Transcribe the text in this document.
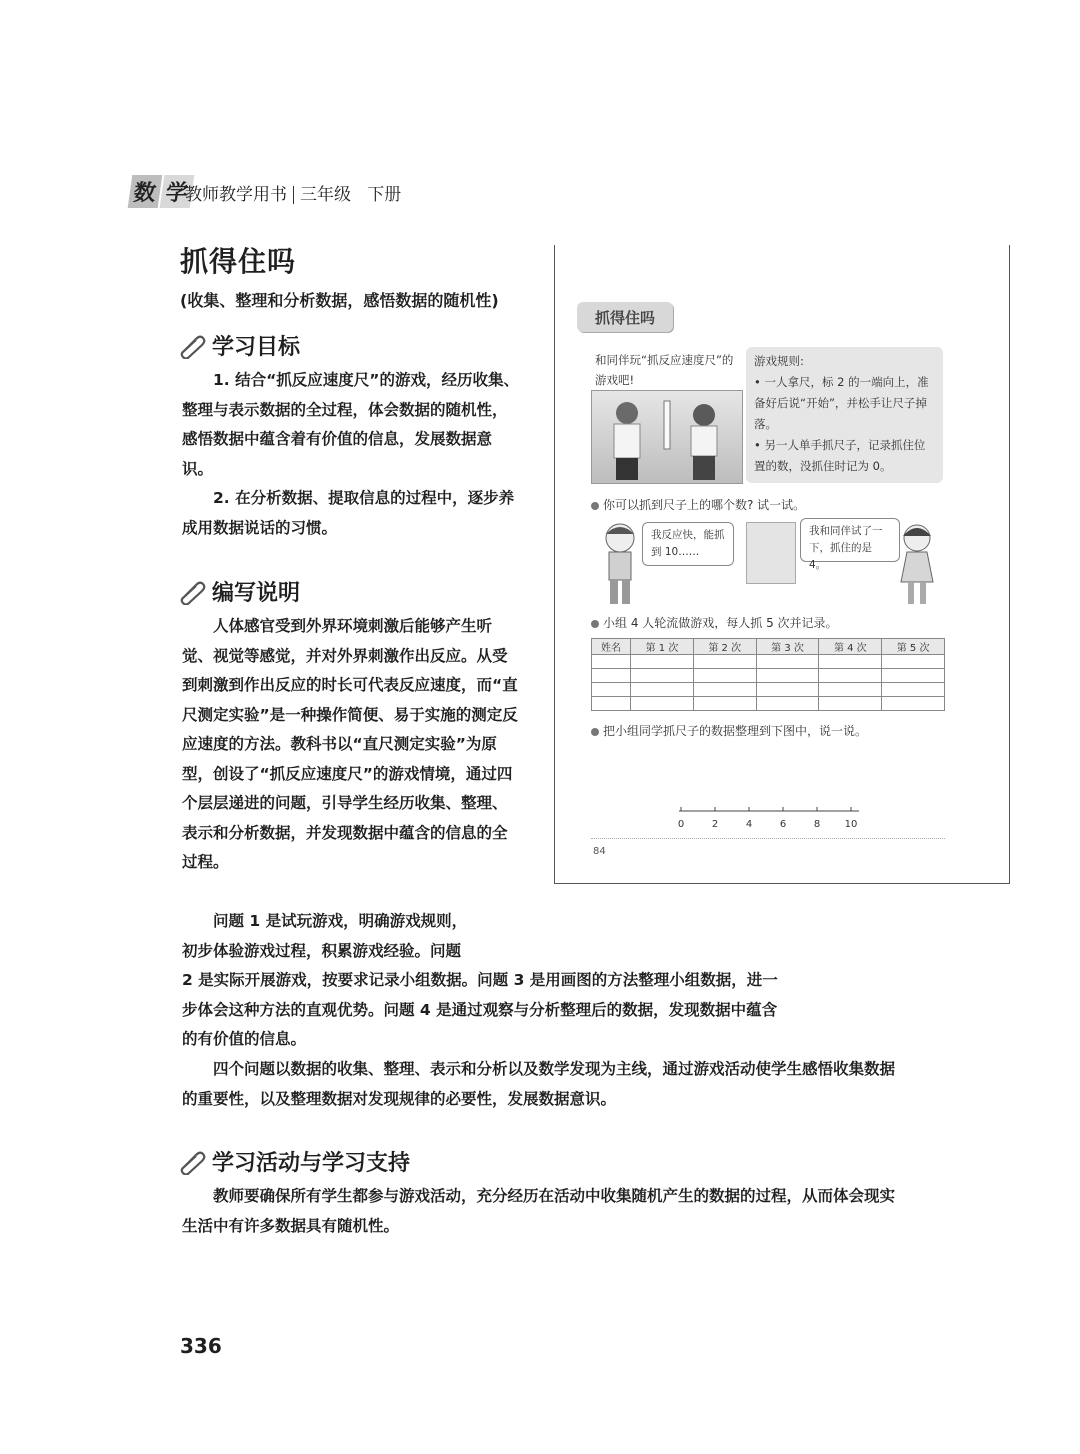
数 学
教师教学用书 三年级 下册
抓得住吗
(收集、整理和分析数据，感悟数据的随机性)
学习目标
1. 结合“抓反应速度尺”的游戏，经历收集、整理与表示数据的全过程，体会数据的随机性，感悟数据中蕴含着有价值的信息，发展数据意识。
2. 在分析数据、提取信息的过程中，逐步养成用数据说话的习惯。
编写说明
人体感官受到外界环境刺激后能够产生听觉、视觉等感觉，并对外界刺激作出反应。从受到刺激到作出反应的时长可代表反应速度，而“直尺测定实验”是一种操作简便、易于实施的测定反应速度的方法。教科书以“直尺测定实验”为原型，创设了“抓反应速度尺”的游戏情境，通过四个层层递进的问题，引导学生经历收集、整理、表示和分析数据，并发现数据中蕴含的信息的全过程。
问题 1 是试玩游戏，明确游戏规则，
初步体验游戏过程，积累游戏经验。问题
2 是实际开展游戏，按要求记录小组数据。问题 3 是用画图的方法整理小组数据，进一
步体会这种方法的直观优势。问题 4 是通过观察与分析整理后的数据，发现数据中蕴含
的有价值的信息。
四个问题以数据的收集、整理、表示和分析以及数学发现为主线，通过游戏活动使学生感悟收集数据的重要性，以及整理数据对发现规律的必要性，发展数据意识。
学习活动与学习支持
教师要确保所有学生都参与游戏活动，充分经历在活动中收集随机产生的数据的过程，从而体会现实生活中有许多数据具有随机性。
抓得住吗
和同伴玩“抓反应速度尺”的游戏吧!
游戏规则:
• 一人拿尺，标 2 的一端向上，准备好后说“开始”，并松手让尺子掉落。
• 另一人单手抓尺子，记录抓住位置的数，没抓住时记为 0。
你可以抓到尺子上的哪个数? 试一试。
我反应快，能抓到 10……
我和同伴试了一下，抓住的是 4。
小组 4 人轮流做游戏，每人抓 5 次并记录。
姓名	第 1 次	第 2 次	第 3 次	第 4 次	第 5 次

把小组同学抓尺子的数据整理到下图中，说一说。
0	2	4	6	8 10
84
336
